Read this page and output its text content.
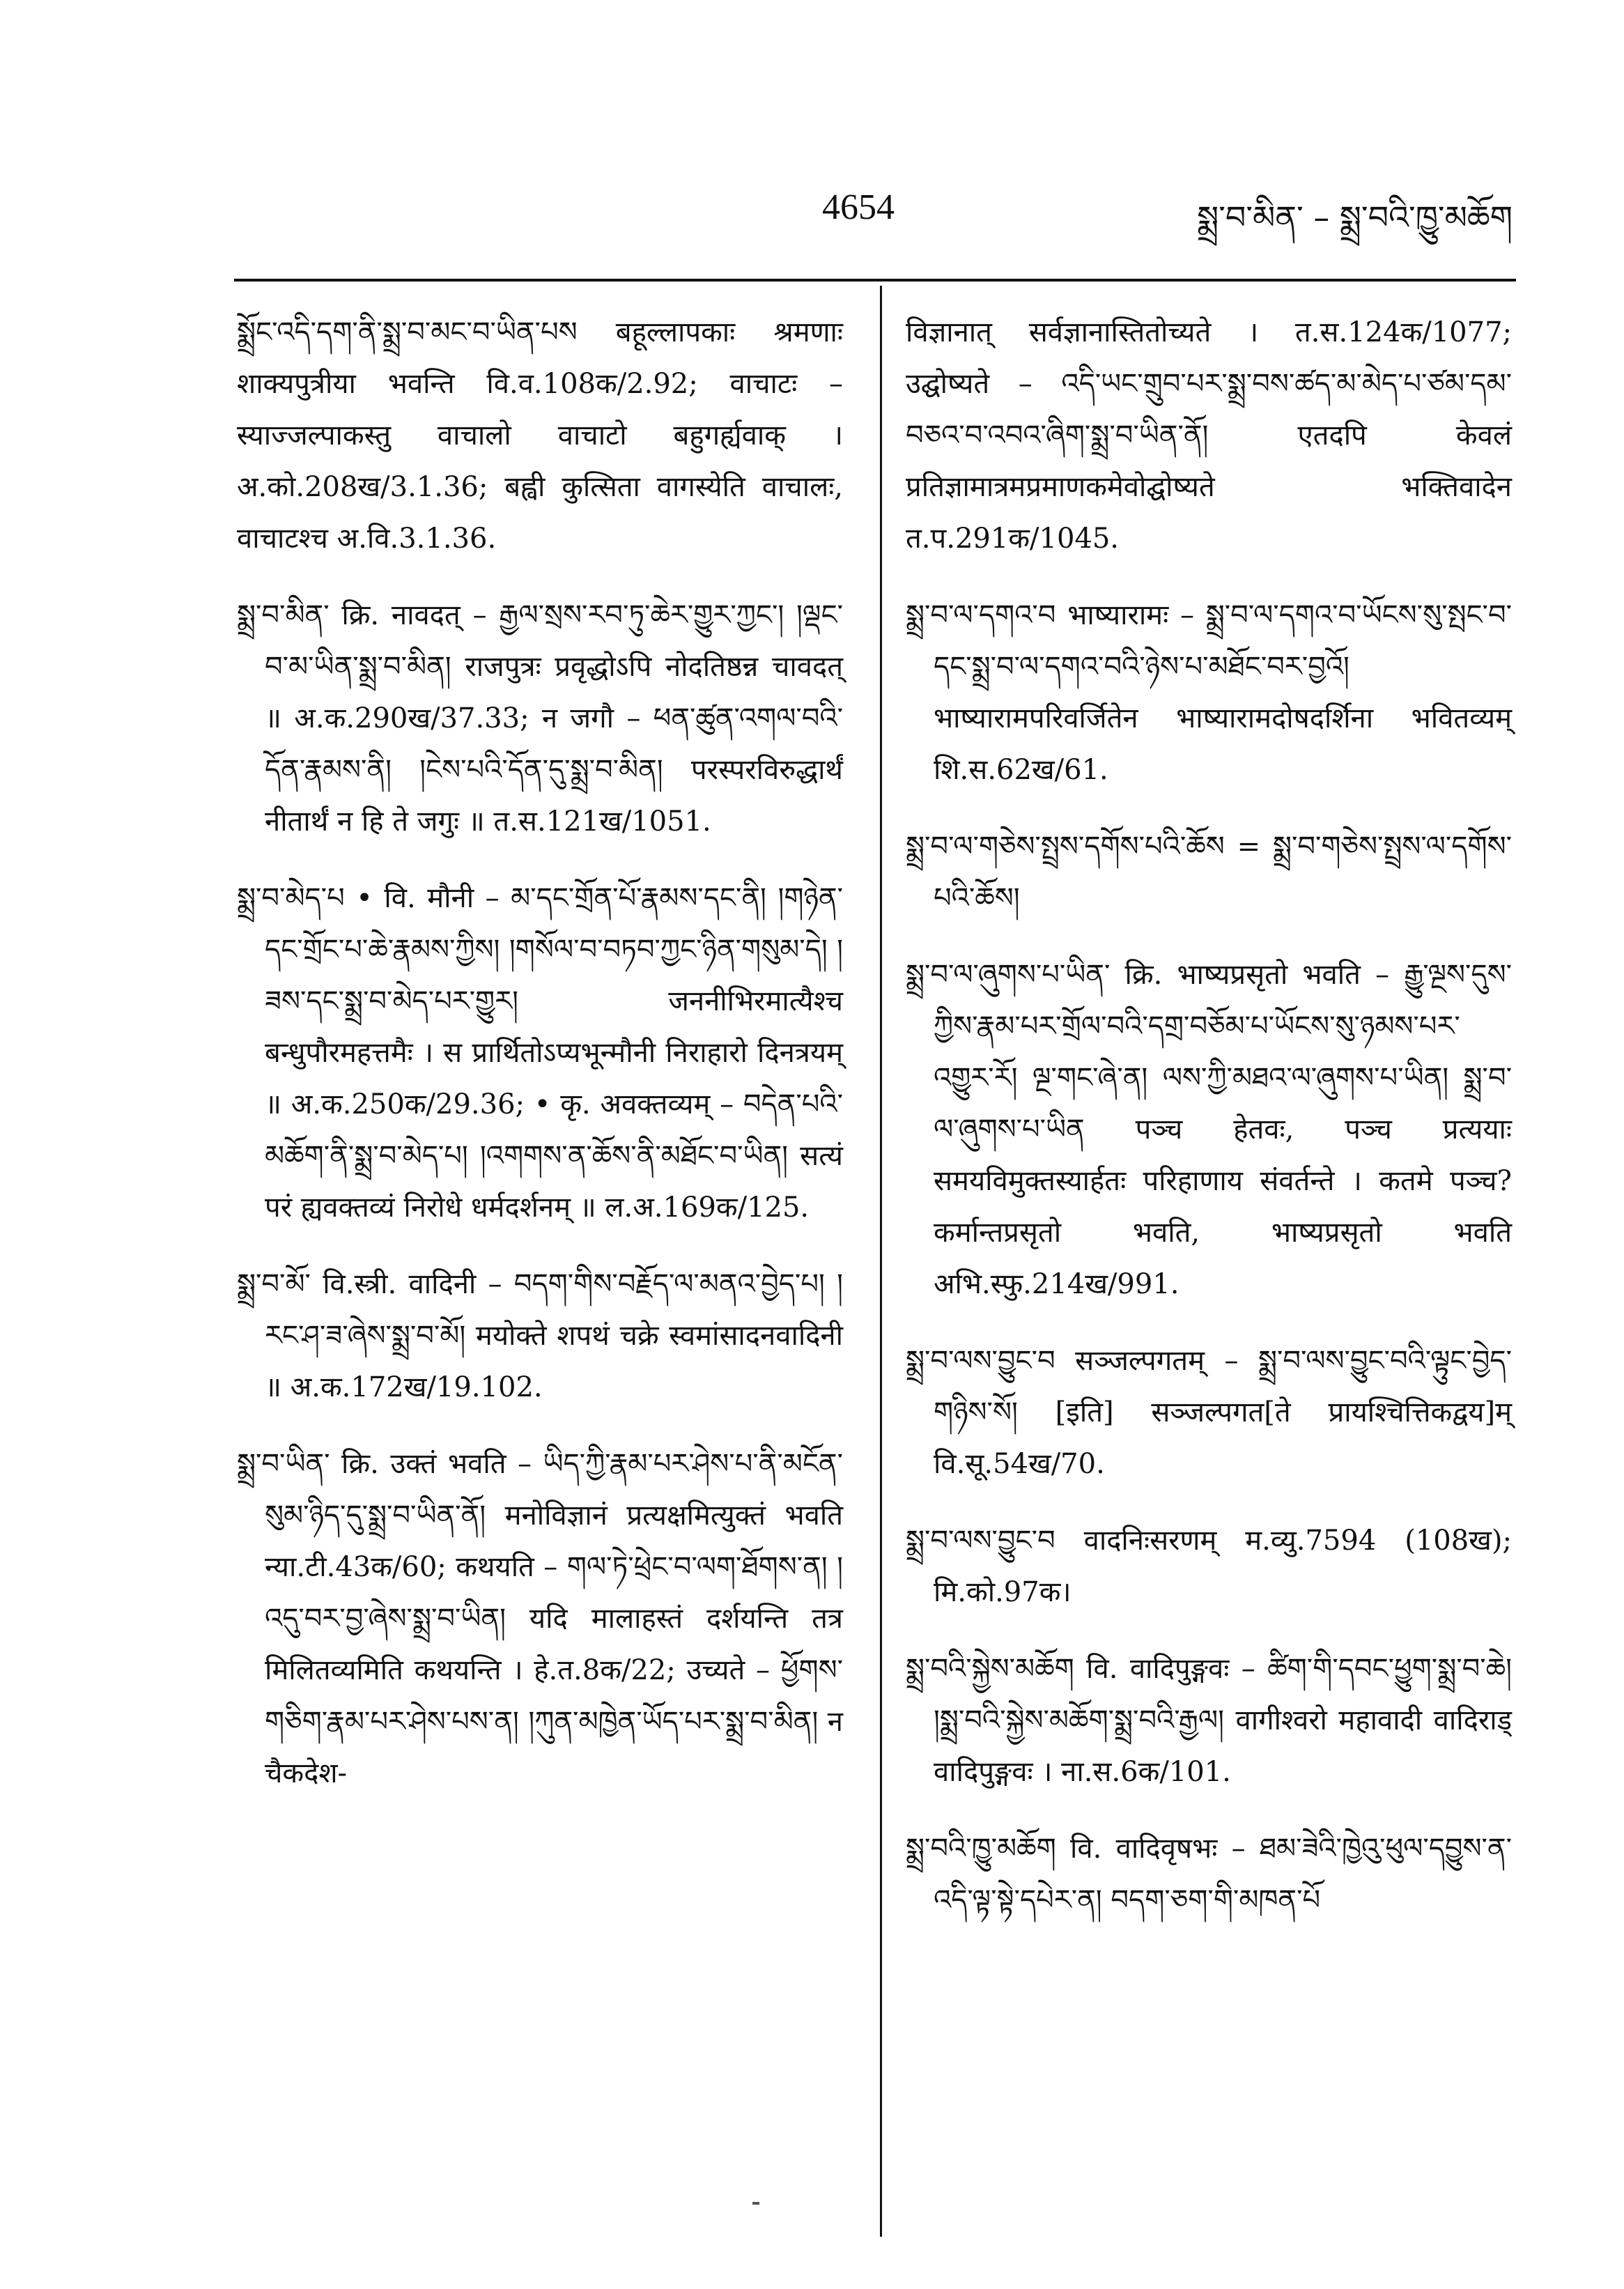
4654	སྨྲ་བ་མིན་ – སྨྲ་བའི་ཁྱུ་མཆོག

སྨྲོང་འདི་དག་ནི་སྨྲ་བ་མང་བ་ཡིན་པས बहूल्लापकाः श्रमणाः शाक्यपुत्रीया भवन्ति वि.व.108क/2.92; वाचाटः – स्याज्जल्पाकस्तु वाचालो वाचाटो बहुगर्ह्यवाक् । अ.को.208ख/3.1.36; बह्वी कुत्सिता वागस्येति वाचालः, वाचाटश्च अ.वि.3.1.36.

སྨྲ་བ་མིན་ क्रि. नावदत् – རྒྱལ་སྲས་རབ་ཏུ་ཆེར་གྱུར་ཀྱང་། །ལྡང་བ་མ་ཡིན་སྨྲ་བ་མིན། राजपुत्रः प्रवृद्धोऽपि नोदतिष्ठन्न चावदत् ॥ अ.क.290ख/37.33; न जगौ – ཕན་ཚུན་འགལ་བའི་དོན་རྣམས་ནི། །ངེས་པའི་དོན་དུ་སྨྲ་བ་མིན། परस्परविरुद्धार्थं नीतार्थं न हि ते जगुः ॥ त.स.121ख/1051.

སྨྲ་བ་མེད་པ • वि. मौनी – མ་དང་གྲོན་པོ་རྣམས་དང་ནི། །གཉེན་དང་གྲོང་པ་ཆེ་རྣམས་ཀྱིས། །གསོལ་བ་བཏབ་ཀྱང་ཉིན་གསུམ་དེ། །ཟས་དང་སྨྲ་བ་མེད་པར་གྱུར། जननीभिरमात्यैश्च बन्धुपौरमहत्तमैः । स प्रार्थितोऽप्यभून्मौनी निराहारो दिनत्रयम् ॥ अ.क.250क/29.36; • कृ. अवक्तव्यम् – བདེན་པའི་མཆོག་ནི་སྨྲ་བ་མེད་པ། །འགགས་ན་ཆོས་ནི་མཐོང་བ་ཡིན། सत्यं परं ह्यवक्तव्यं निरोधे धर्मदर्शनम् ॥ ल.अ.169क/125.

སྨྲ་བ་མོ་ वि.स्त्री. वादिनी – བདག་གིས་བརྗོད་ལ་མནའ་བྱེད་པ། །རང་ཤ་ཟ་ཞེས་སྨྲ་བ་མོ། मयोक्ते शपथं चक्रे स्वमांसादनवादिनी ॥ अ.क.172ख/19.102.

སྨྲ་བ་ཡིན་ क्रि. उक्तं भवति – ཡིད་ཀྱི་རྣམ་པར་ཤེས་པ་ནི་མངོན་སུམ་ཉིད་དུ་སྨྲ་བ་ཡིན་ནོ། मनोविज्ञानं प्रत्यक्षमित्युक्तं भवति न्या.टी.43क/60; कथयति – གལ་ཏེ་ཕྲེང་བ་ལག་ཐོགས་ན། །འདུ་བར་བྱ་ཞེས་སྨྲ་བ་ཡིན། यदि मालाहस्तं दर्शयन्ति तत्र मिलितव्यमिति कथयन्ति । हे.त.8क/22; उच्यते – ཕྱོགས་གཅིག་རྣམ་པར་ཤེས་པས་ན། །ཀུན་མཁྱེན་ཡོད་པར་སྨྲ་བ་མིན། न चैकदेश-

विज्ञानात् सर्वज्ञानास्तितोच्यते । त.स.124क/1077; उद्घोष्यते – འདི་ཡང་གྲུབ་པར་སྨྲ་བས་ཚད་མ་མེད་པ་ཙམ་དམ་བཅའ་བ་འབའ་ཞིག་སྨྲ་བ་ཡིན་ནོ། एतदपि केवलं प्रतिज्ञामात्रमप्रमाणकमेवोद्घोष्यते भक्तिवादेन त.प.291क/1045.

སྨྲ་བ་ལ་དགའ་བ भाष्यारामः – སྨྲ་བ་ལ་དགའ་བ་ཡོངས་སུ་སྤང་བ་དང་སྨྲ་བ་ལ་དགའ་བའི་ཉེས་པ་མཐོང་བར་བྱའོ། भाष्यारामपरिवर्जितेन भाष्यारामदोषदर्शिना भवितव्यम् शि.स.62ख/61.

སྨྲ་བ་ལ་གཅེས་སྤྲས་དགོས་པའི་ཆོས = སྨྲ་བ་གཅེས་སྤྲས་ལ་དགོས་པའི་ཆོས།

སྨྲ་བ་ལ་ཞུགས་པ་ཡིན་ क्रि. भाष्यप्रसृतो भवति – རྒྱུ་ལྔས་དུས་ཀྱིས་རྣམ་པར་གྲོལ་བའི་དགྲ་བཅོམ་པ་ཡོངས་སུ་ཉམས་པར་འགྱུར་རོ། ལྔ་གང་ཞེ་ན། ལས་ཀྱི་མཐའ་ལ་ཞུགས་པ་ཡིན། སྨྲ་བ་ལ་ཞུགས་པ་ཡིན पञ्च हेतवः, पञ्च प्रत्ययाः समयविमुक्तस्यार्हतः परिहाणाय संवर्तन्ते । कतमे पञ्च? कर्मान्तप्रसृतो भवति, भाष्यप्रसृतो भवति अभि.स्फु.214ख/991.

སྨྲ་བ་ལས་བྱུང་བ सञ्जल्पगतम् – སྨྲ་བ་ལས་བྱུང་བའི་ལྟུང་བྱེད་གཉིས་སོ། [इति] सञ्जल्पगत[ते प्रायश्चित्तिकद्वय]म् वि.सू.54ख/70.

སྨྲ་བ་ལས་བྱུང་བ वादनिःसरणम् म.व्यु.7594 (108ख); मि.को.97क।

སྨྲ་བའི་སྐྱེས་མཆོག वि. वादिपुङ्गवः – ཚིག་གི་དབང་ཕྱུག་སྨྲ་བ་ཆེ། །སྨྲ་བའི་སྐྱེས་མཆོག་སྨྲ་བའི་རྒྱལ། वागीश्वरो महावादी वादिराड् वादिपुङ्गवः । ना.स.6क/101.

སྨྲ་བའི་ཁྱུ་མཆོག वि. वादिवृषभः – ཐམ་ཟེའི་ཁྱེའུ་ཕུལ་དབྱུས་ན་འདི་ལྟ་སྟེ་དཔེར་ན། བདག་ཅག་གི་མཁན་པོ
